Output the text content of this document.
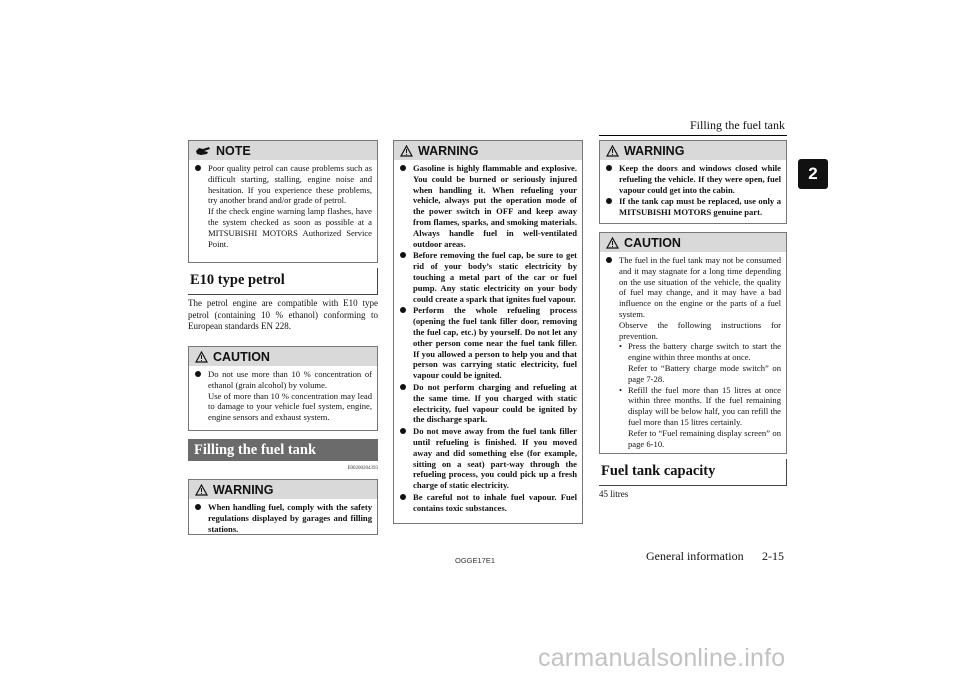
Filling the fuel tank
2
NOTE

Poor quality petrol can cause problems such as difficult starting, stalling, engine noise and hesitation. If you experience these problems, try another brand and/or grade of petrol.

If the check engine warning lamp flashes, have the system checked as soon as possible at a MITSUBISHI MOTORS Authorized Service Point.

E10 type petrol
The petrol engine are compatible with E10 type petrol (containing 10 % ethanol) conforming to European standards EN 228.
CAUTION

Do not use more than 10 % concentration of ethanol (grain alcohol) by volume.

Use of more than 10 % concentration may lead to damage to your vehicle fuel system, engine, engine sensors and exhaust system.

Filling the fuel tank
E00200204393
WARNING
When handling fuel, comply with the safety regulations displayed by garages and filling stations.
WARNING
Gasoline is highly flammable and explosive. You could be burned or seriously injured when handling it. When refueling your vehicle, always put the operation mode of the power switch in OFF and keep away from flames, sparks, and smoking materials. Always handle fuel in well-ventilated outdoor areas.
Before removing the fuel cap, be sure to get rid of your body’s static electricity by touching a metal part of the car or fuel pump. Any static electricity on your body could create a spark that ignites fuel vapour.
Perform the whole refueling process (opening the fuel tank filler door, removing the fuel cap, etc.) by yourself. Do not let any other person come near the fuel tank filler. If you allowed a person to help you and that person was carrying static electricity, fuel vapour could be ignited.
Do not perform charging and refueling at the same time. If you charged with static electricity, fuel vapour could be ignited by the discharge spark.
Do not move away from the fuel tank filler until refueling is finished. If you moved away and did something else (for example, sitting on a seat) part-way through the refueling process, you could pick up a fresh charge of static electricity.
Be careful not to inhale fuel vapour. Fuel contains toxic substances.
WARNING
Keep the doors and windows closed while refueling the vehicle. If they were open, fuel vapour could get into the cabin.
If the tank cap must be replaced, use only a MITSUBISHI MOTORS genuine part.
CAUTION

The fuel in the fuel tank may not be consumed and it may stagnate for a long time depending on the use situation of the vehicle, the quality of fuel may change, and it may have a bad influence on the engine or the parts of a fuel system.

Observe the following instructions for prevention.

• Press the battery charge switch to start the engine within three months at once.

Refer to “Battery charge mode switch” on page 7-28.

• Refill the fuel more than 15 litres at once within three months. If the fuel remaining display will be below half, you can refill the fuel more than 15 litres certainly.

Refer to “Fuel remaining display screen” on page 6-10.

Fuel tank capacity
45 litres
OGGE17E1	General information 2-15
carmanualsonline.info
